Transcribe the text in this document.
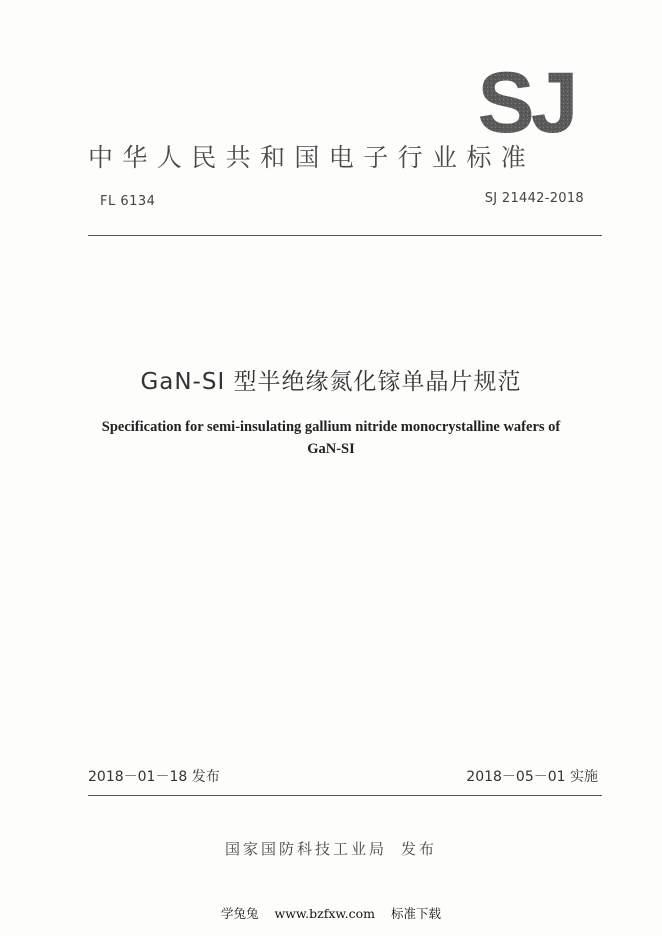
SJ
中华人民共和国电子行业标准
FL 6134	SJ 21442-2018
GaN-SI 型半绝缘氮化镓单晶片规范
Specification for semi-insulating gallium nitride monocrystalline wafers of
GaN-SI
2018－01－18 发布	2018－05－01 实施
国家国防科技工业局 发布
学兔兔 www.bzfxw.com 标准下载
